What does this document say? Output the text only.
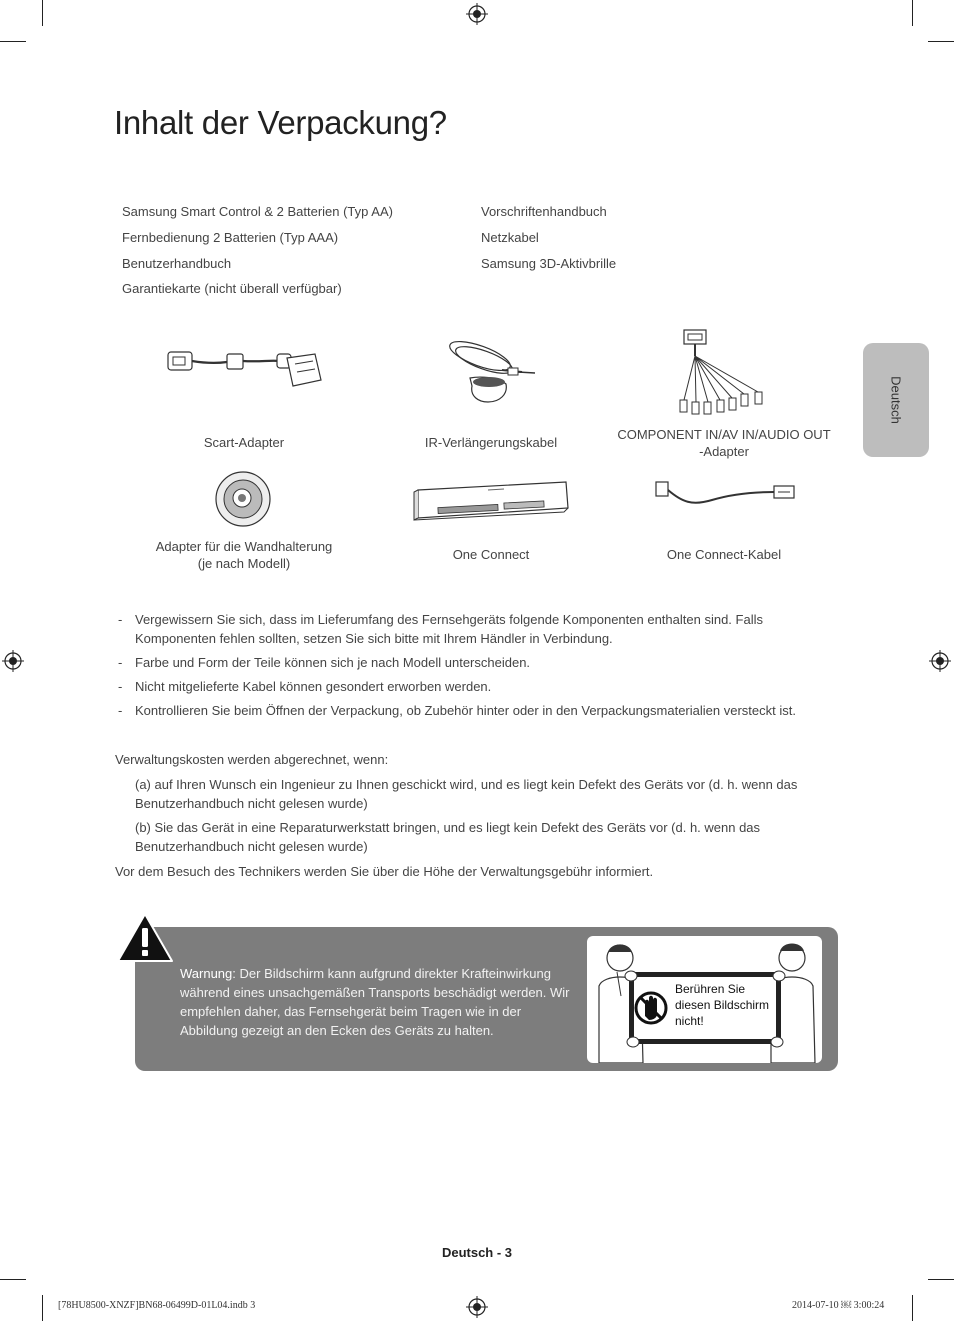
Inhalt der Verpackung?
Deutsch
Samsung Smart Control & 2 Batterien (Typ AA)
Fernbedienung 2 Batterien (Typ AAA)
Benutzerhandbuch
Garantiekarte (nicht überall verfügbar)
Vorschriftenhandbuch
Netzkabel
Samsung 3D-Aktivbrille
Scart-Adapter	IR-Verlängerungskabel
COMPONENT IN/AV IN/AUDIO OUT
-Adapter
Adapter für die Wandhalterung
(je nach Modell)
One Connect	One Connect-Kabel
- Vergewissern Sie sich, dass im Lieferumfang des Fernsehgeräts folgende Komponenten enthalten sind. Falls Komponenten fehlen sollten, setzen Sie sich bitte mit Ihrem Händler in Verbindung.
- Farbe und Form der Teile können sich je nach Modell unterscheiden.
- Nicht mitgelieferte Kabel können gesondert erworben werden.
- Kontrollieren Sie beim Öffnen der Verpackung, ob Zubehör hinter oder in den Verpackungsmaterialien versteckt ist.
Verwaltungskosten werden abgerechnet, wenn:
(a) auf Ihren Wunsch ein Ingenieur zu Ihnen geschickt wird, und es liegt kein Defekt des Geräts vor (d. h. wenn das Benutzerhandbuch nicht gelesen wurde)
(b) Sie das Gerät in eine Reparaturwerkstatt bringen, und es liegt kein Defekt des Geräts vor (d. h. wenn das Benutzerhandbuch nicht gelesen wurde)
Vor dem Besuch des Technikers werden Sie über die Höhe der Verwaltungsgebühr informiert.
Warnung: Der Bildschirm kann aufgrund direkter Krafteinwirkung während eines unsachgemäßen Transports beschädigt werden. Wir empfehlen daher, das Fernsehgerät beim Tragen wie in der Abbildung gezeigt an den Ecken des Geräts zu halten.
Berühren Sie diesen Bildschirm nicht!
Deutsch - 3
[78HU8500-XNZF]BN68-06499D-01L04.indb 3	2014-07-10 ￼ 3:00:24
